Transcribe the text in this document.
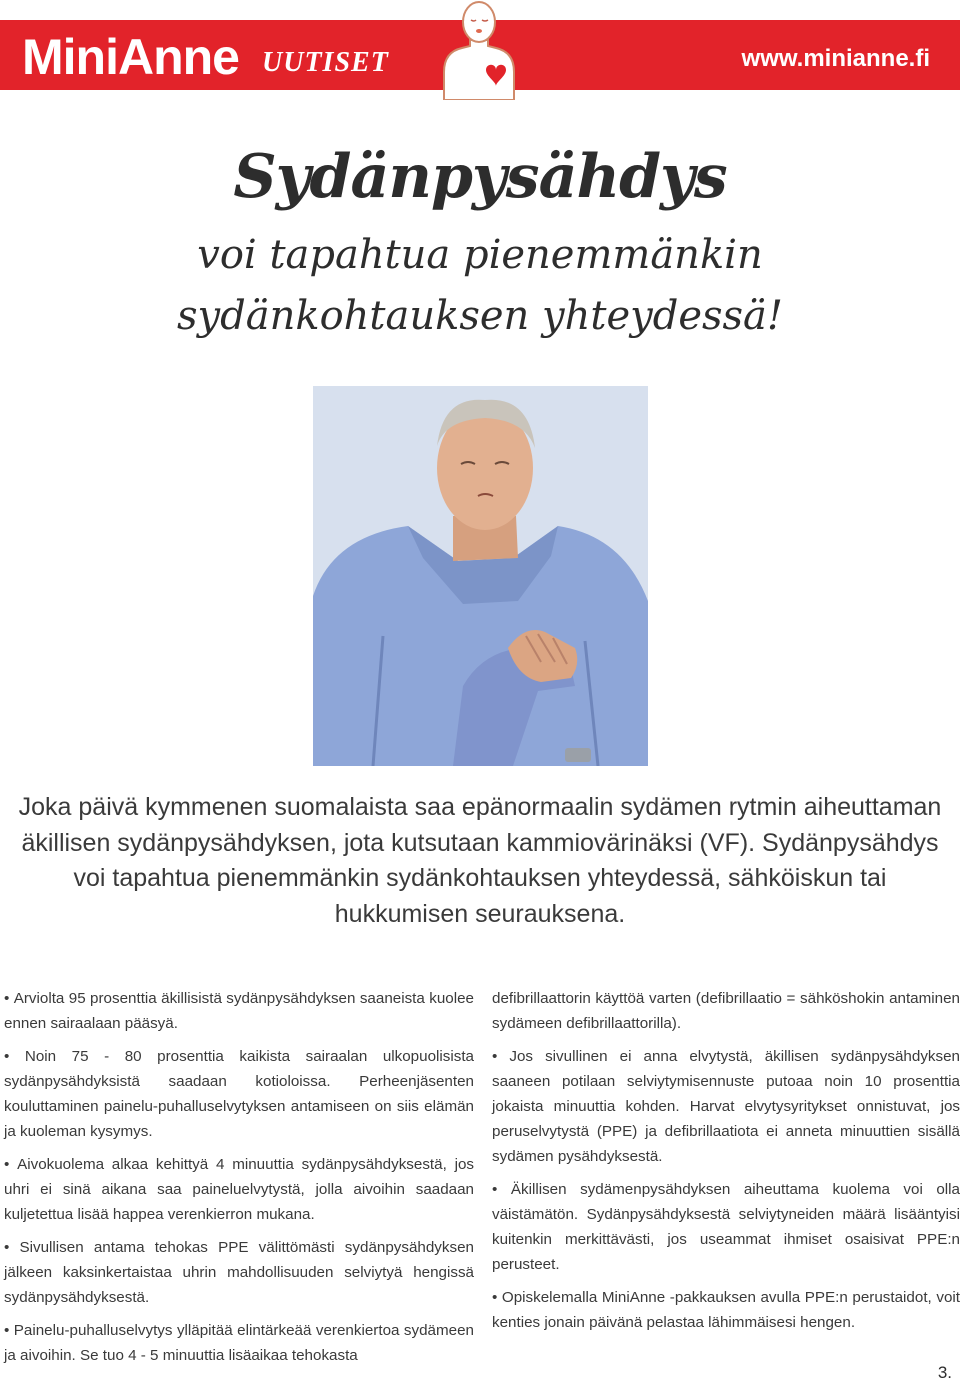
MiniAnne UUTISET	www.minianne.fi
Sydänpysähdys
voi tapahtua pienemmänkin
sydänkohtauksen yhteydessä!
Joka päivä kymmenen suomalaista saa epänormaalin sydämen rytmin aiheuttaman äkillisen sydänpysähdyksen, jota kutsutaan kammiovärinäksi (VF). Sydänpysähdys voi tapahtua pienemmänkin sydänkohtauksen yhteydessä, sähköiskun tai hukkumisen seurauksena.

• Arviolta 95 prosenttia äkillisistä sydänpysähdyksen saaneista kuolee ennen sairaalaan pääsyä.

• Noin 75 - 80 prosenttia kaikista sairaalan ulkopuolisista sydänpysähdyksistä saadaan kotioloissa. Perheenjäsenten kouluttaminen painelu-puhalluselvytyksen antamiseen on siis elämän ja kuoleman kysymys.

• Aivokuolema alkaa kehittyä 4 minuuttia sydänpysähdyksestä, jos uhri ei sinä aikana saa paineluelvytystä, jolla aivoihin saadaan kuljetettua lisää happea verenkierron mukana.

• Sivullisen antama tehokas PPE välittömästi sydänpysähdyksen jälkeen kaksinkertaistaa uhrin mahdollisuuden selviytyä hengissä sydänpysähdyksestä.

• Painelu-puhalluselvytys ylläpitää elintärkeää verenkiertoa sydämeen ja aivoihin. Se tuo 4 - 5 minuuttia lisäaikaa tehokasta

defibrillaattorin käyttöä varten (defibrillaatio = sähköshokin antaminen sydämeen defibrillaattorilla).

• Jos sivullinen ei anna elvytystä, äkillisen sydänpysähdyksen saaneen potilaan selviytymisennuste putoaa noin 10 prosenttia jokaista minuuttia kohden. Harvat elvytysyritykset onnistuvat, jos peruselvytystä (PPE) ja defibrillaatiota ei anneta minuuttien sisällä sydämen pysähdyksestä.

• Äkillisen sydämenpysähdyksen aiheuttama kuolema voi olla väistämätön. Sydänpysähdyksestä selviytyneiden määrä lisääntyisi kuitenkin merkittävästi, jos useammat ihmiset osaisivat PPE:n perusteet.

• Opiskelemalla MiniAnne -pakkauksen avulla PPE:n perustaidot, voit kenties jonain päivänä pelastaa lähimmäisesi hengen.

3.
